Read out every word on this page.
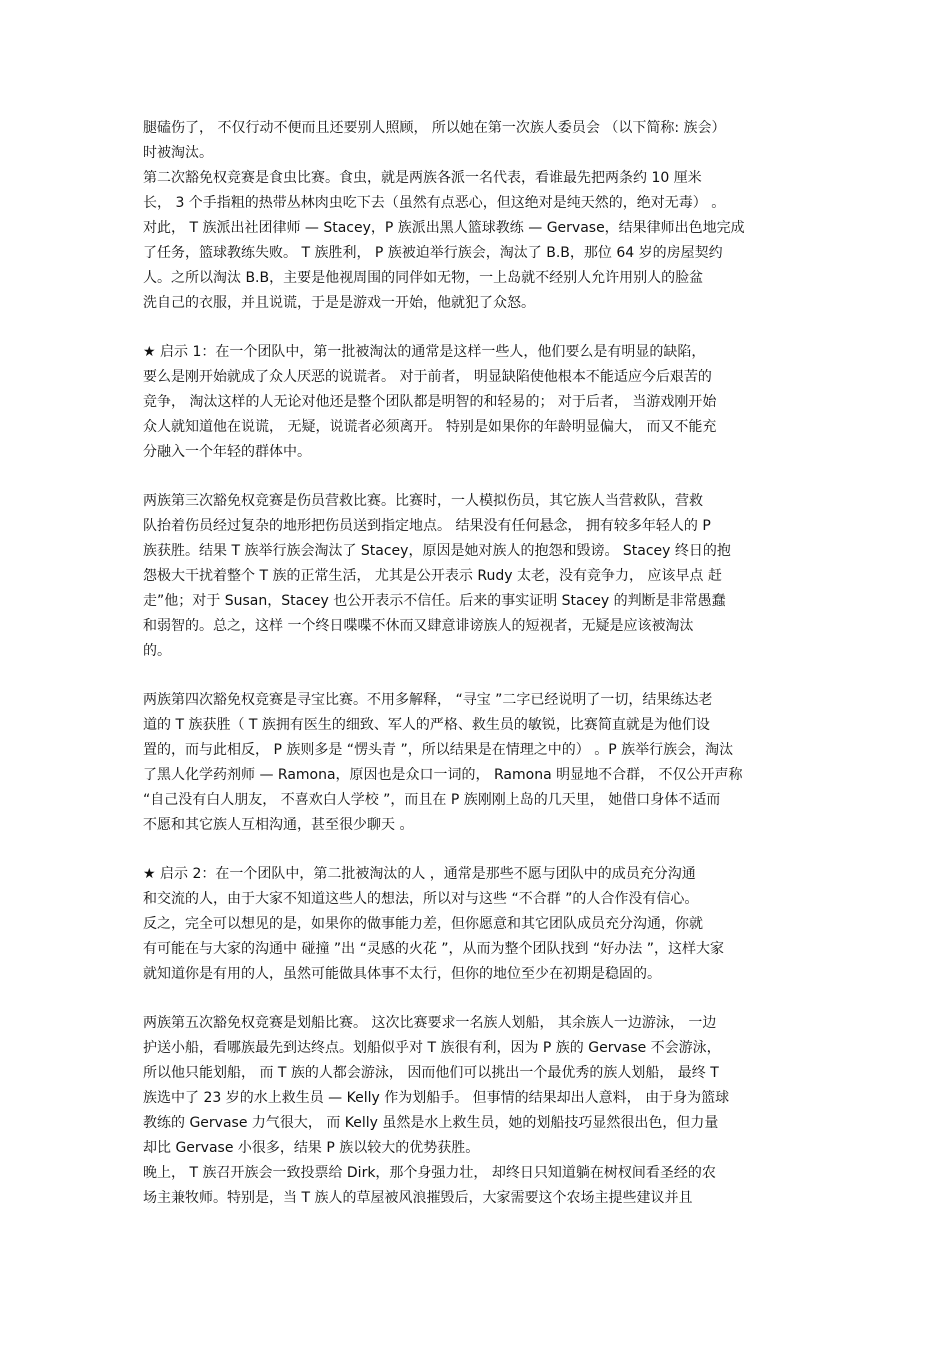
腿磕伤了， 不仅行动不便而且还要别人照顾， 所以她在第一次族人委员会 （以下简称: 族会）
时被淘汰。
第二次豁免权竞赛是食虫比赛。食虫，就是两族各派一名代表，看谁最先把两条约 10 厘米
长， 3 个手指粗的热带丛林肉虫吃下去（虽然有点恶心，但这绝对是纯天然的，绝对无毒） 。
对此， T 族派出社团律师 — Stacey，P 族派出黑人篮球教练 — Gervase，结果律师出色地完成
了任务，篮球教练失败。 T 族胜利， P 族被迫举行族会，淘汰了 B.B，那位 64 岁的房屋契约
人。之所以淘汰 B.B，主要是他视周围的同伴如无物，一上岛就不经别人允许用别人的脸盆
洗自己的衣服，并且说谎，于是是游戏一开始，他就犯了众怒。
★ 启示 1：在一个团队中，第一批被淘汰的通常是这样一些人，他们要么是有明显的缺陷，
要么是刚开始就成了众人厌恶的说谎者。 对于前者， 明显缺陷使他根本不能适应今后艰苦的
竞争， 淘汰这样的人无论对他还是整个团队都是明智的和轻易的； 对于后者， 当游戏刚开始
众人就知道他在说谎， 无疑，说谎者必须离开。 特别是如果你的年龄明显偏大， 而又不能充
分融入一个年轻的群体中。
两族第三次豁免权竞赛是伤员营救比赛。比赛时，一人模拟伤员，其它族人当营救队，营救
队抬着伤员经过复杂的地形把伤员送到指定地点。 结果没有任何悬念， 拥有较多年轻人的 P
族获胜。结果 T 族举行族会淘汰了 Stacey，原因是她对族人的抱怨和毁谤。 Stacey 终日的抱
怨极大干扰着整个 T 族的正常生活， 尤其是公开表示 Rudy 太老，没有竞争力， 应该早点 赶
走”他；对于 Susan，Stacey 也公开表示不信任。后来的事实证明 Stacey 的判断是非常愚蠢
和弱智的。总之，这样 一个终日喋喋不休而又肆意诽谤族人的短视者，无疑是应该被淘汰
的。
两族第四次豁免权竞赛是寻宝比赛。不用多解释， “寻宝 ”二字已经说明了一切，结果练达老
道的 T 族获胜（ T 族拥有医生的细致、军人的严格、救生员的敏锐，比赛简直就是为他们设
置的，而与此相反， P 族则多是 “愣头青 ”，所以结果是在情理之中的） 。P 族举行族会，淘汰
了黑人化学药剂师 — Ramona，原因也是众口一词的， Ramona 明显地不合群， 不仅公开声称
“自己没有白人朋友， 不喜欢白人学校 ”，而且在 P 族刚刚上岛的几天里， 她借口身体不适而
不愿和其它族人互相沟通，甚至很少聊天 。
★ 启示 2：在一个团队中，第二批被淘汰的人 ，通常是那些不愿与团队中的成员充分沟通
和交流的人，由于大家不知道这些人的想法，所以对与这些 “不合群 ”的人合作没有信心。
反之，完全可以想见的是，如果你的做事能力差，但你愿意和其它团队成员充分沟通，你就
有可能在与大家的沟通中 碰撞 ”出 “灵感的火花 ”，从而为整个团队找到 “好办法 ”，这样大家
就知道你是有用的人，虽然可能做具体事不太行，但你的地位至少在初期是稳固的。
两族第五次豁免权竞赛是划船比赛。 这次比赛要求一名族人划船， 其余族人一边游泳， 一边
护送小船，看哪族最先到达终点。划船似乎对 T 族很有利，因为 P 族的 Gervase 不会游泳，
所以他只能划船， 而 T 族的人都会游泳， 因而他们可以挑出一个最优秀的族人划船， 最终 T
族选中了 23 岁的水上救生员 — Kelly 作为划船手。 但事情的结果却出人意料， 由于身为篮球
教练的 Gervase 力气很大， 而 Kelly 虽然是水上救生员，她的划船技巧显然很出色，但力量
却比 Gervase 小很多，结果 P 族以较大的优势获胜。
晚上， T 族召开族会一致投票给 Dirk，那个身强力壮， 却终日只知道躺在树杈间看圣经的农
场主兼牧师。特别是，当 T 族人的草屋被风浪摧毁后，大家需要这个农场主提些建议并且
